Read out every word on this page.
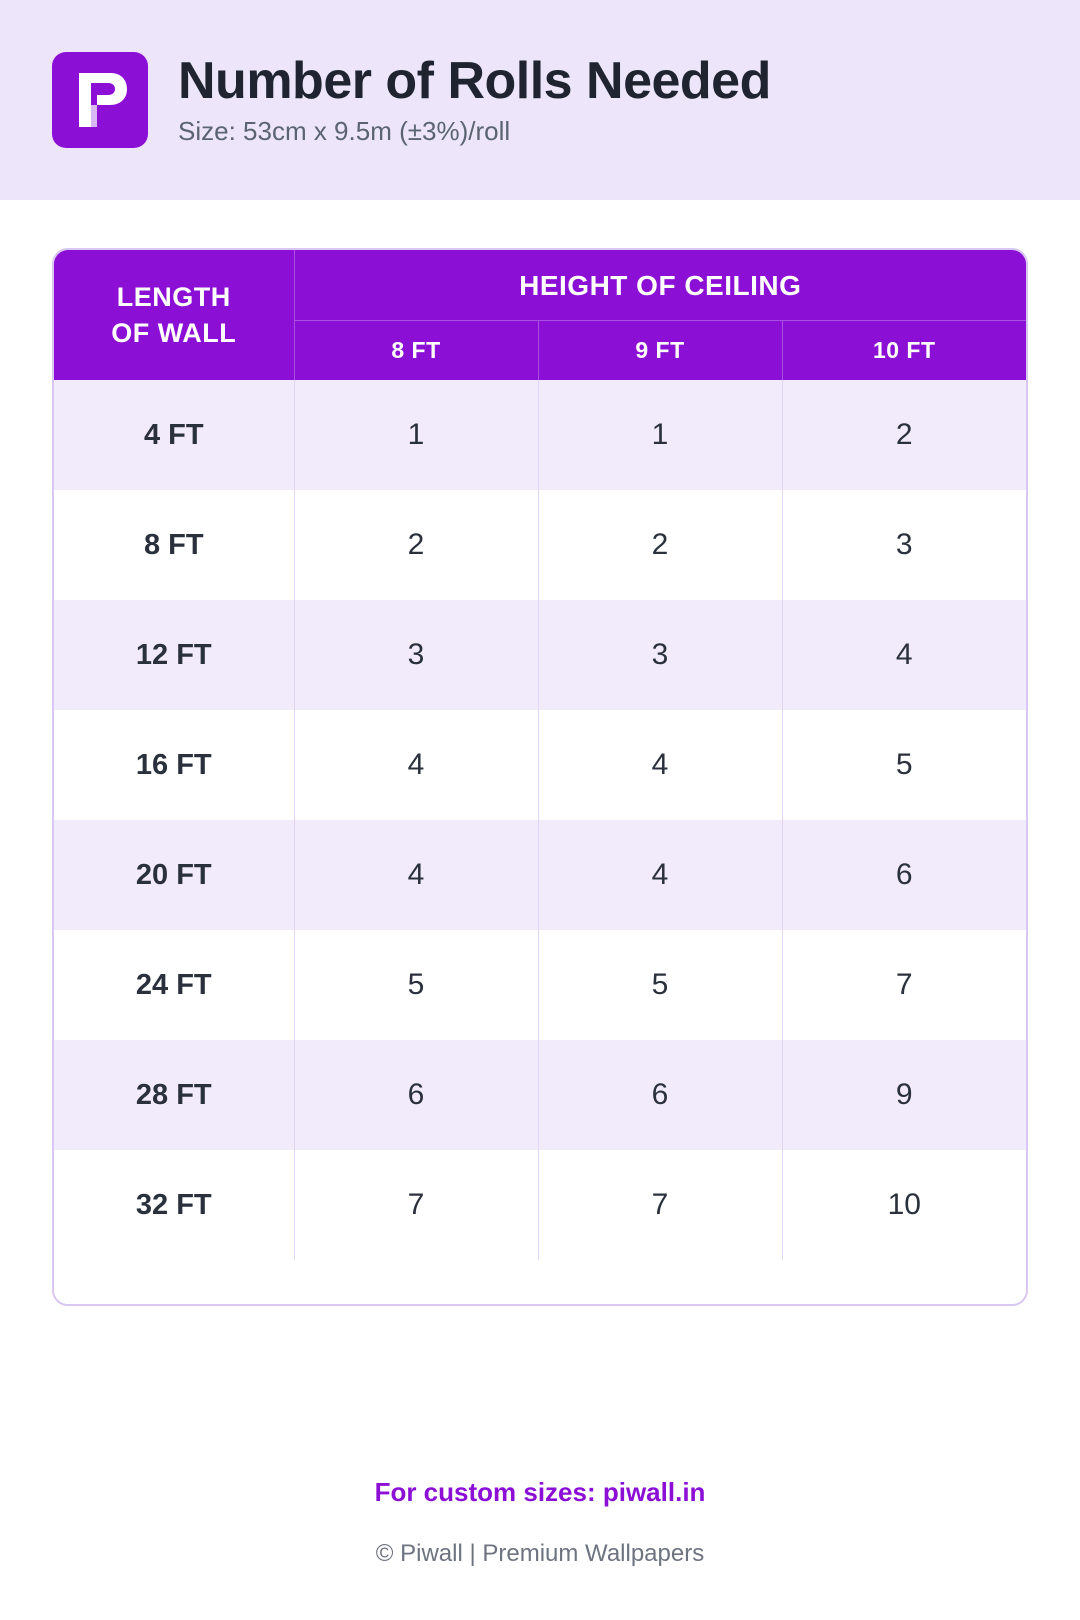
Number of Rolls Needed
Size: 53cm x 9.5m (±3%)/roll
LENGTH
OF WALL	HEIGHT OF CEILING		
	8 FT	9 FT	10 FT
4 FT	1	1	2
8 FT	2	2	3
12 FT	3	3	4
16 FT	4	4	5
20 FT	4	4	6
24 FT	5	5	7
28 FT	6	6	9
32 FT	7	7	10

For custom sizes: piwall.in
© Piwall | Premium Wallpapers
